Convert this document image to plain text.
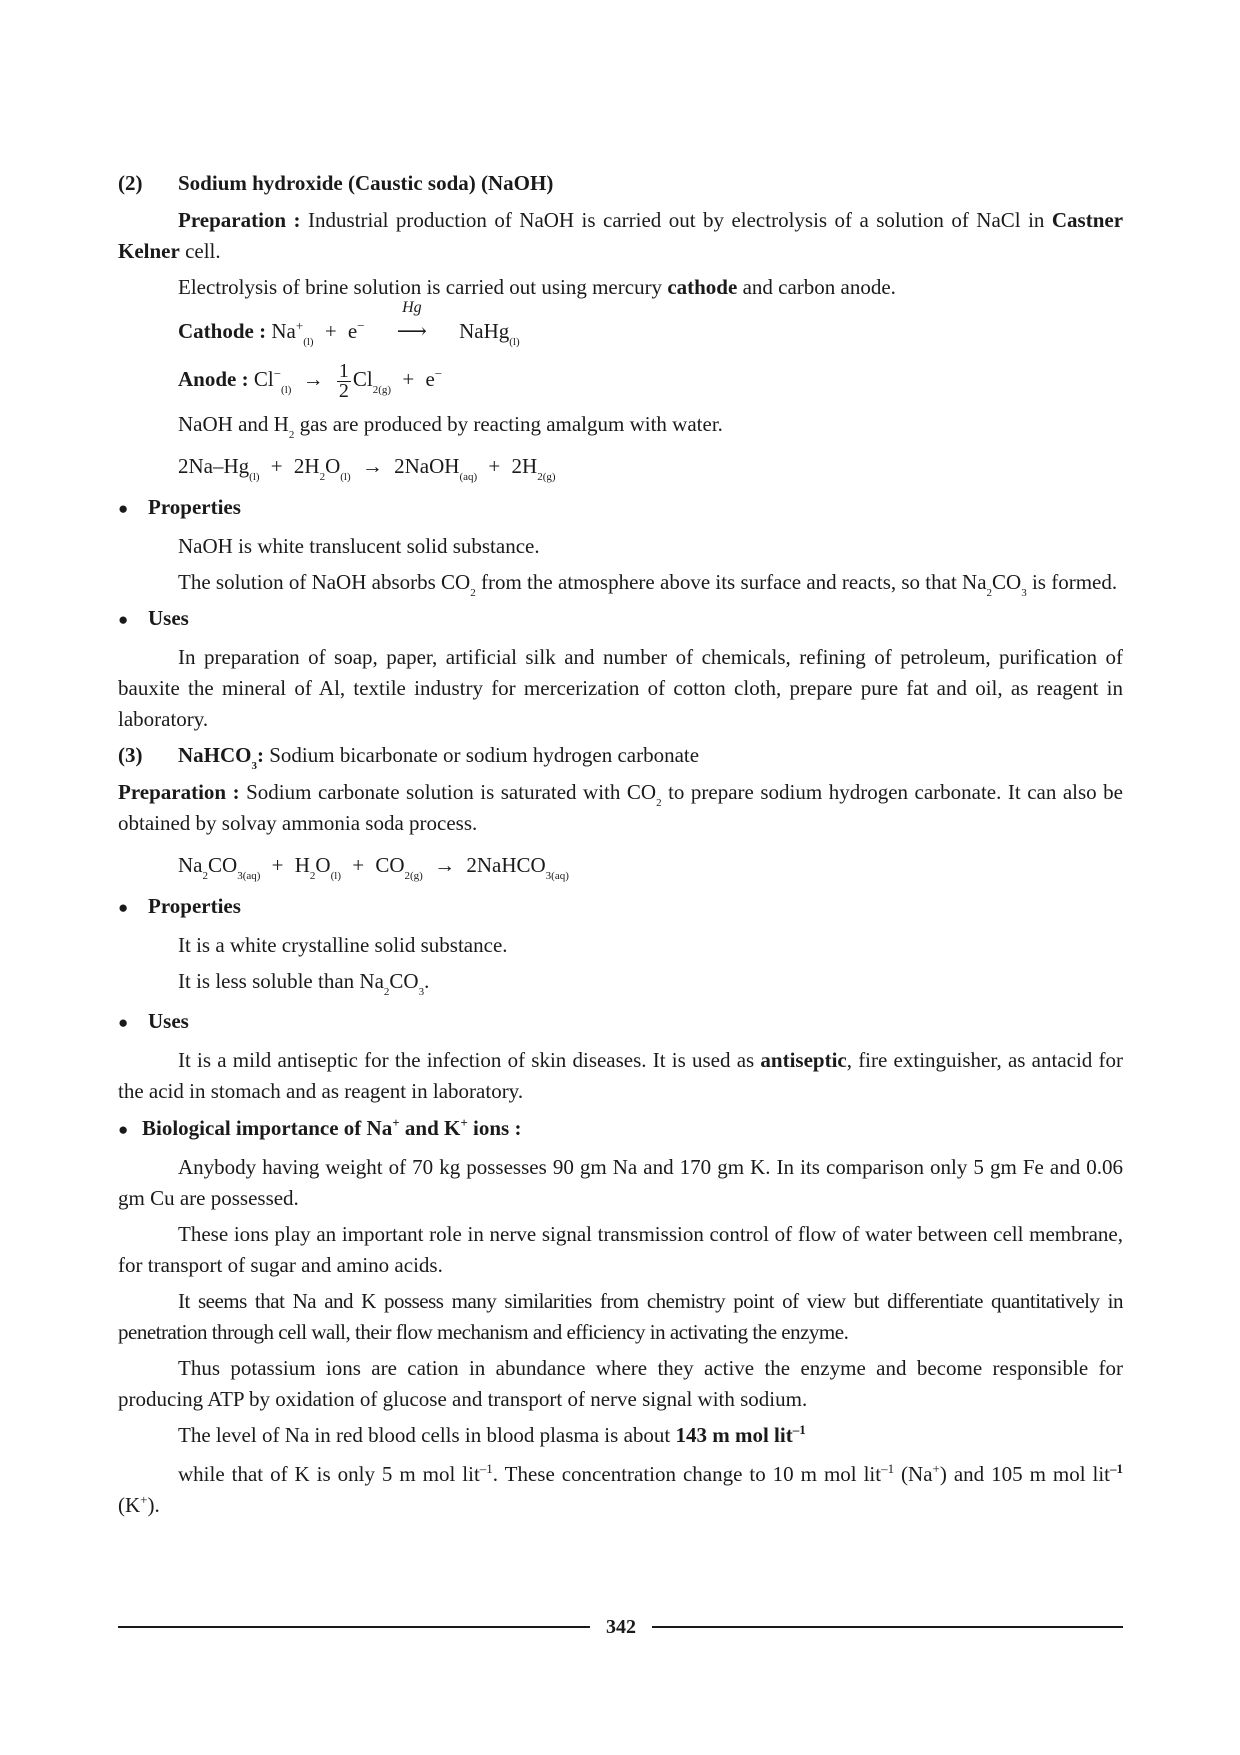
(2) Sodium hydroxide (Caustic soda) (NaOH)

Preparation : Industrial production of NaOH is carried out by electrolysis of a solution of NaCl in Castner Kelner cell.

Electrolysis of brine solution is carried out using mercury cathode and carbon anode.

Cathode : $Na^+_{(l)} + e^-$
Hg
⟶ NaHg$_{(l)}$
Anode : $Cl^-_{(l)} \to \frac{1}{2} Cl_{2(g)} + e^-$

NaOH and $H_2$ gas are produced by reacting amalgum with water.

$2Na-Hg_{(l)} + 2H_2O_{(l)}$ → 2NaOH$_{(aq)}$ + $2H_{2(g)}$

● Properties

NaOH is white translucent solid substance.

The solution of NaOH absorbs $CO_2$ from the atmosphere above its surface and reacts, so that $Na_2CO_3$ is formed.

● Uses

In preparation of soap, paper, artificial silk and number of chemicals, refining of petroleum, purification of bauxite the mineral of Al, textile industry for mercerization of cotton cloth, prepare pure fat and oil, as reagent in laboratory.

(3) NaHCO$_3$: Sodium bicarbonate or sodium hydrogen carbonate

Preparation : Sodium carbonate solution is saturated with $CO_2$ to prepare sodium hydrogen carbonate. It can also be obtained by solvay ammonia soda process.

$Na_2CO_{3(aq)} + H_2O_{(l)} + CO_{2(g)}$ → 2NaHCO$_{3(aq)}$

● Properties

It is a white crystalline solid substance.

It is less soluble than $Na_2CO_3$.

● Uses

It is a mild antiseptic for the infection of skin diseases. It is used as antiseptic, fire extinguisher, as antacid for the acid in stomach and as reagent in laboratory.

● Biological importance of Na+ and K+ ions :

Anybody having weight of 70 kg possesses 90 gm Na and 170 gm K. In its comparison only 5 gm Fe and 0.06 gm Cu are possessed.

These ions play an important role in nerve signal transmission control of flow of water between cell membrane, for transport of sugar and amino acids.

It seems that Na and K possess many similarities from chemistry point of view but differentiate quantitatively in penetration through cell wall, their flow mechanism and efficiency in activating the enzyme.

Thus potassium ions are cation in abundance where they active the enzyme and become responsible for producing ATP by oxidation of glucose and transport of nerve signal with sodium.

The level of Na in red blood cells in blood plasma is about 143 m mol lit$^{-1}$

while that of K is only 5 m mol lit$^{-1}$. These concentration change to 10 m mol lit$^{-1}$ (Na+) and 105 m mol lit$^{-1}$ (K+).

342
